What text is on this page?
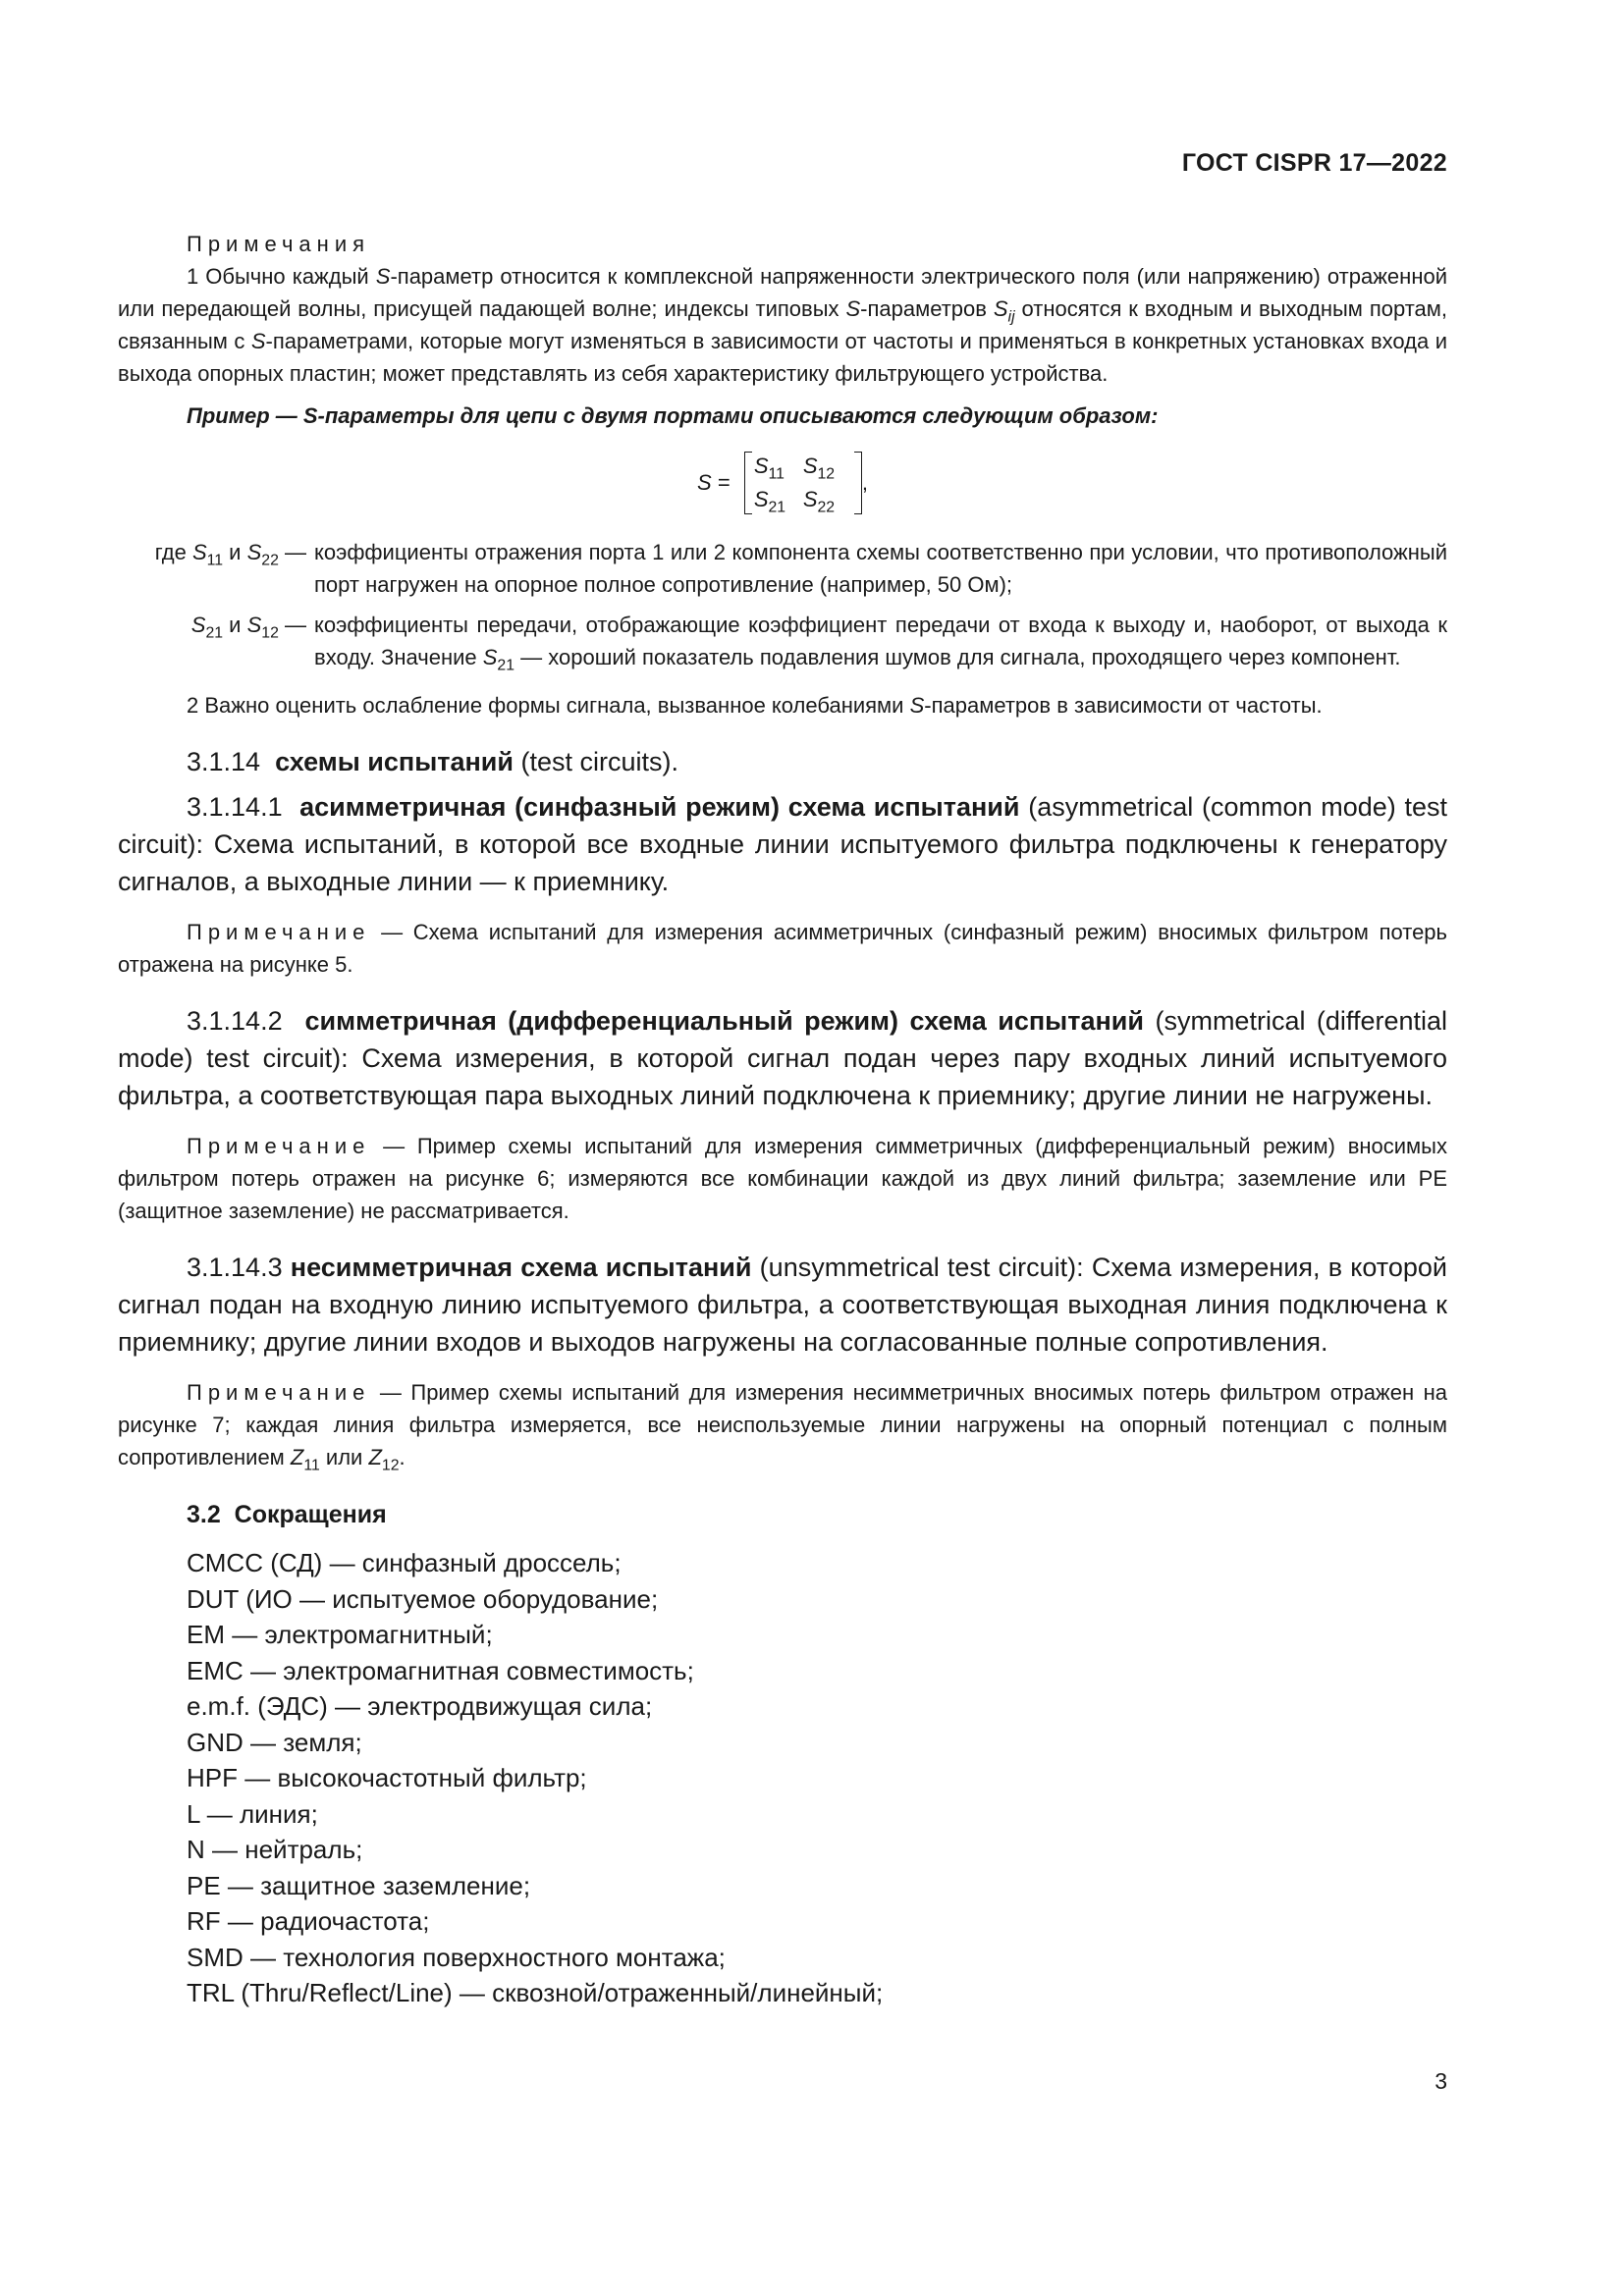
ГОСТ CISPR 17—2022

Примечания

1 Обычно каждый S-параметр относится к комплексной напряженности электрического поля (или напряжению) отраженной или передающей волны, присущей падающей волне; индексы типовых S-параметров $S_{ij}$ относятся к входным и выходным портам, связанным с S-параметрами, которые могут изменяться в зависимости от частоты и применяться в конкретных установках входа и выхода опорных пластин; может представлять из себя характеристику фильтрующего устройства.

Пример — S-параметры для цепи с двумя портами описываются следующим образом:

S =
$S_{11}$ $S_{12}$
$S_{21}$ $S_{22}$
,
где $S_{11}$ и $S_{22}$ — коэффициенты отражения порта 1 или 2 компонента схемы соответственно при условии, что противоположный порт нагружен на опорное полное сопротивление (например, 50 Ом);
$S_{21}$ и $S_{12}$ — коэффициенты передачи, отображающие коэффициент передачи от входа к выходу и, наоборот, от выхода к входу. Значение $S_{21}$ — хороший показатель подавления шумов для сигнала, проходящего через компонент.

2 Важно оценить ослабление формы сигнала, вызванное колебаниями S-параметров в зависимости от частоты.

3.1.14  схемы испытаний (test circuits).

3.1.14.1  асимметричная (синфазный режим) схема испытаний (asymmetrical (common mode) test circuit): Схема испытаний, в которой все входные линии испытуемого фильтра подключены к генератору сигналов, а выходные линии — к приемнику.

Примечание — Схема испытаний для измерения асимметричных (синфазный режим) вносимых фильтром потерь отражена на рисунке 5.

3.1.14.2  симметричная (дифференциальный режим) схема испытаний (symmetrical (differential mode) test circuit): Схема измерения, в которой сигнал подан через пару входных линий испытуемого фильтра, а соответствующая пара выходных линий подключена к приемнику; другие линии не нагружены.

Примечание — Пример схемы испытаний для измерения симметричных (дифференциальный режим) вносимых фильтром потерь отражен на рисунке 6; измеряются все комбинации каждой из двух линий фильтра; заземление или PE (защитное заземление) не рассматривается.

3.1.14.3 несимметричная схема испытаний (unsymmetrical test circuit): Схема измерения, в которой сигнал подан на входную линию испытуемого фильтра, а соответствующая выходная линия подключена к приемнику; другие линии входов и выходов нагружены на согласованные полные сопротивления.

Примечание — Пример схемы испытаний для измерения несимметричных вносимых потерь фильтром отражен на рисунке 7; каждая линия фильтра измеряется, все неиспользуемые линии нагружены на опорный потенциал с полным сопротивлением $Z_{11}$ или $Z_{12}$.

3.2  Сокращения

CMCC (СД) — синфазный дроссель;
DUT (ИО — испытуемое оборудование;
EM — электромагнитный;
EMC — электромагнитная совместимость;
e.m.f. (ЭДС) — электродвижущая сила;
GND — земля;
HPF — высокочастотный фильтр;
L — линия;
N — нейтраль;
PE — защитное заземление;
RF — радиочастота;
SMD — технология поверхностного монтажа;
TRL (Thru/Reflect/Line) — сквозной/отраженный/линейный;
3
